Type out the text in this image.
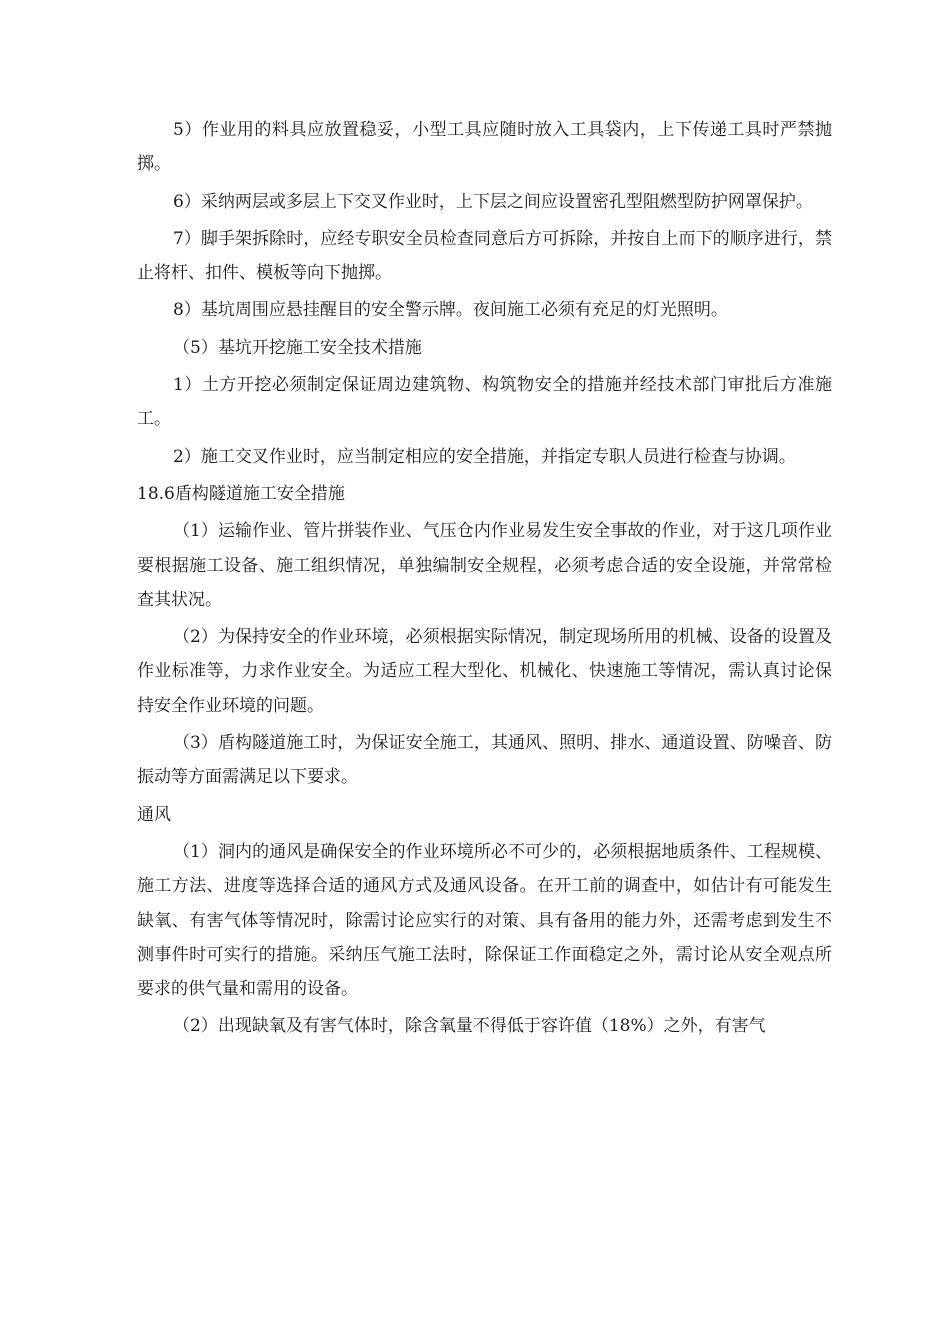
5）作业用的料具应放置稳妥，小型工具应随时放入工具袋内，上下传递工具时严禁抛掷。

6）采纳两层或多层上下交叉作业时，上下层之间应设置密孔型阻燃型防护网罩保护。

7）脚手架拆除时，应经专职安全员检查同意后方可拆除，并按自上而下的顺序进行，禁止将杆、扣件、模板等向下抛掷。

8）基坑周围应悬挂醒目的安全警示牌。夜间施工必须有充足的灯光照明。

（5）基坑开挖施工安全技术措施

1）土方开挖必须制定保证周边建筑物、构筑物安全的措施并经技术部门审批后方准施工。

2）施工交叉作业时，应当制定相应的安全措施，并指定专职人员进行检查与协调。

18.6盾构隧道施工安全措施

（1）运输作业、管片拼装作业、气压仓内作业易发生安全事故的作业，对于这几项作业要根据施工设备、施工组织情况，单独编制安全规程，必须考虑合适的安全设施，并常常检查其状况。

（2）为保持安全的作业环境，必须根据实际情况，制定现场所用的机械、设备的设置及作业标准等，力求作业安全。为适应工程大型化、机械化、快速施工等情况，需认真讨论保持安全作业环境的问题。

（3）盾构隧道施工时，为保证安全施工，其通风、照明、排水、通道设置、防噪音、防振动等方面需满足以下要求。

通风

（1）洞内的通风是确保安全的作业环境所必不可少的，必须根据地质条件、工程规模、施工方法、进度等选择合适的通风方式及通风设备。在开工前的调查中，如估计有可能发生缺氧、有害气体等情况时，除需讨论应实行的对策、具有备用的能力外，还需考虑到发生不测事件时可实行的措施。采纳压气施工法时，除保证工作面稳定之外，需讨论从安全观点所要求的供气量和需用的设备。

（2）出现缺氧及有害气体时，除含氧量不得低于容许值（18%）之外，有害气
